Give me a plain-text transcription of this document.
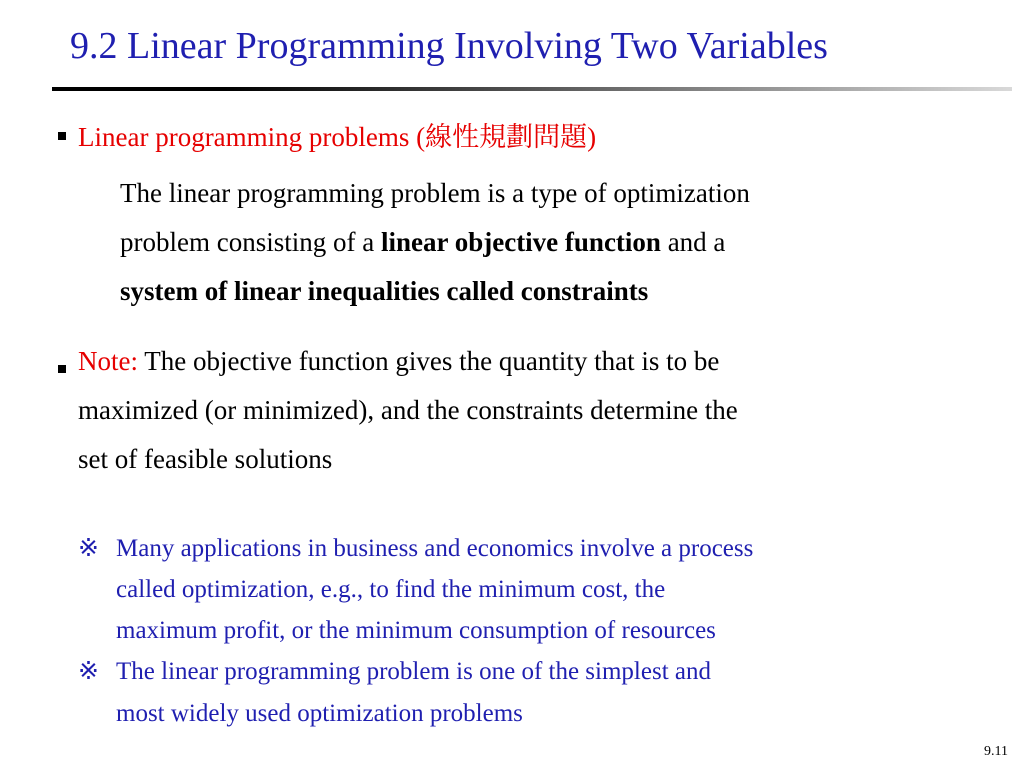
9.2 Linear Programming Involving Two Variables
Linear programming problems (線性規劃問題)
The linear programming problem is a type of optimization
problem consisting of a linear objective function and a
system of linear inequalities called constraints
Note: The objective function gives the quantity that is to be
maximized (or minimized), and the constraints determine the
set of feasible solutions
※ Many applications in business and economics involve a process
called optimization, e.g., to find the minimum cost, the
maximum profit, or the minimum consumption of resources
※ The linear programming problem is one of the simplest and
most widely used optimization problems
9.11
